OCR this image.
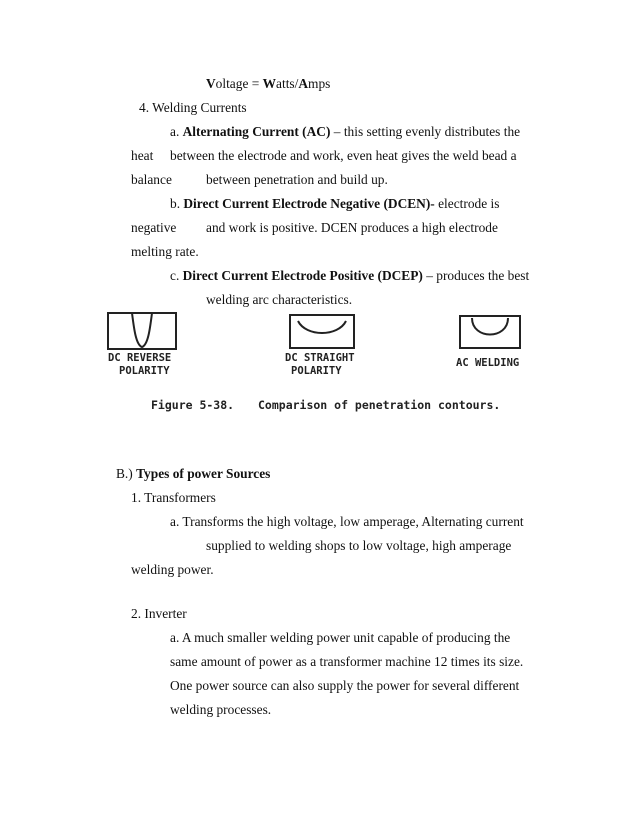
Voltage = Watts/Amps
4. Welding Currents
a. Alternating Current (AC) – this setting evenly distributes the
heat between the electrode and work, even heat gives the weld bead a
balance	between penetration and build up.
b. Direct Current Electrode Negative (DCEN)- electrode is
negative and work is positive. DCEN produces a high electrode
melting rate.
c. Direct Current Electrode Positive (DCEP) – produces the best
welding arc characteristics.
DC REVERSE
POLARITY
DC STRAIGHT
POLARITY
AC WELDING
Figure 5-38. Comparison of penetration contours.
B.) Types of power Sources
1. Transformers
a. Transforms the high voltage, low amperage, Alternating current
supplied to welding shops to low voltage, high amperage
welding power.
2. Inverter
a. A much smaller welding power unit capable of producing the
same amount of power as a transformer machine 12 times its size.
One power source can also supply the power for several different
welding processes.
